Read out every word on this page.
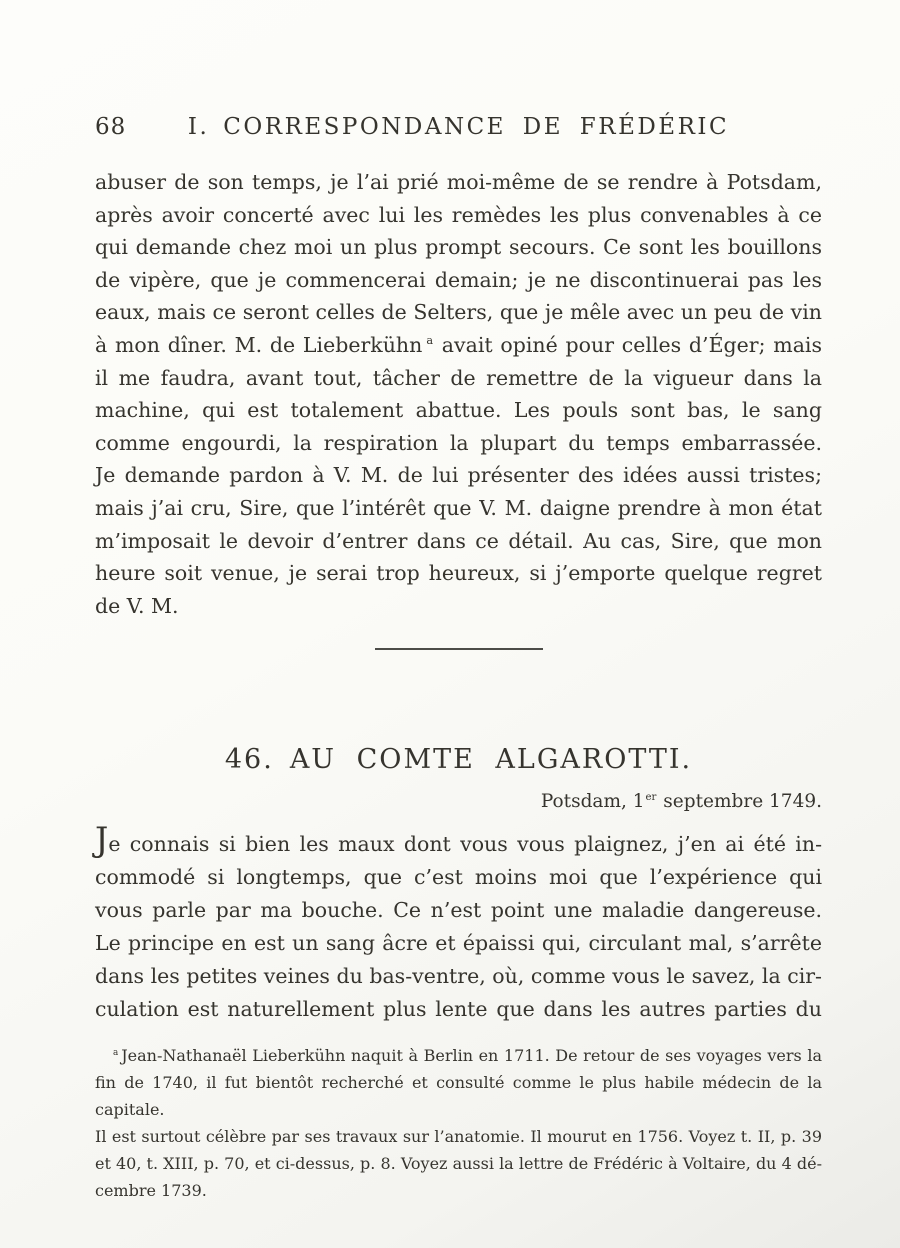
68	I. CORRESPONDANCE DE FRÉDÉRIC
abuser de son temps, je l’ai prié moi-même de se rendre à Potsdam,
après avoir concerté avec lui les remèdes les plus convenables à ce
qui demande chez moi un plus prompt secours. Ce sont les bouillons
de vipère, que je commencerai demain; je ne discontinuerai pas les
eaux, mais ce seront celles de Selters, que je mêle avec un peu de vin
à mon dîner. M. de Lieberkühn $^a$ avait opiné pour celles d’Éger; mais
il me faudra, avant tout, tâcher de remettre de la vigueur dans la
machine, qui est totalement abattue. Les pouls sont bas, le sang
comme engourdi, la respiration la plupart du temps embarrassée.
Je demande pardon à V. M. de lui présenter des idées aussi tristes;
mais j’ai cru, Sire, que l’intérêt que V. M. daigne prendre à mon état
m’imposait le devoir d’entrer dans ce détail. Au cas, Sire, que mon
heure soit venue, je serai trop heureux, si j’emporte quelque regret
de V. M.
46. AU COMTE ALGAROTTI.
Potsdam, 1er septembre 1749.
Je connais si bien les maux dont vous vous plaignez, j’en ai été in-
commodé si longtemps, que c’est moins moi que l’expérience qui
vous parle par ma bouche. Ce n’est point une maladie dangereuse.
Le principe en est un sang âcre et épaissi qui, circulant mal, s’arrête
dans les petites veines du bas-ventre, où, comme vous le savez, la cir-
culation est naturellement plus lente que dans les autres parties du
$^a$ Jean-Nathanaël Lieberkühn naquit à Berlin en 1711. De retour de ses voyages vers la
fin de 1740, il fut bientôt recherché et consulté comme le plus habile médecin de la capitale.
Il est surtout célèbre par ses travaux sur l’anatomie. Il mourut en 1756. Voyez t. II, p. 39
et 40, t. XIII, p. 70, et ci-dessus, p. 8. Voyez aussi la lettre de Frédéric à Voltaire, du 4 dé-
cembre 1739.
